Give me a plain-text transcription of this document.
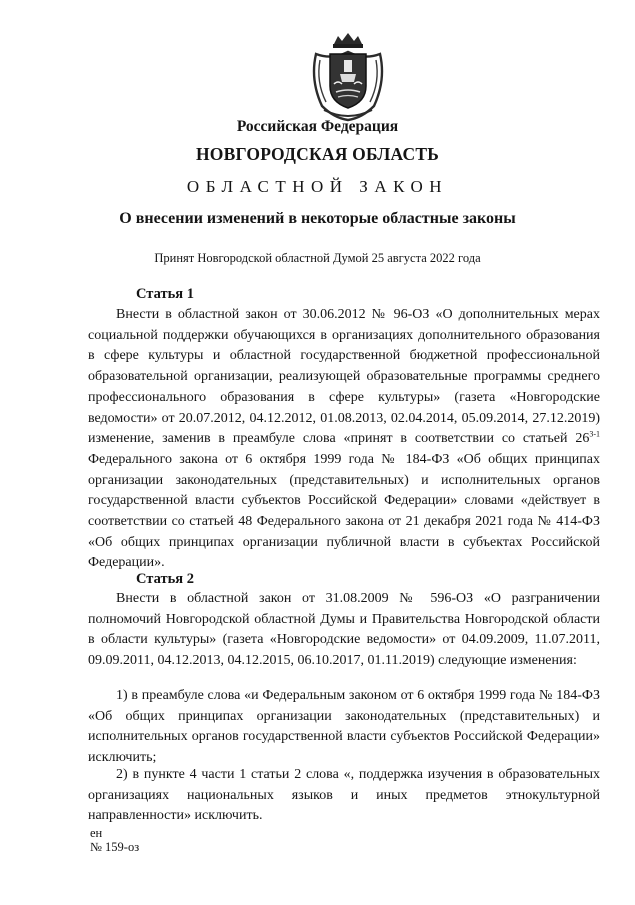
Российская Федерация
НОВГОРОДСКАЯ ОБЛАСТЬ
ОБЛАСТНОЙ ЗАКОН
О внесении изменений в некоторые областные законы
Принят Новгородской областной Думой 25 августа 2022 года
Статья 1
Внести в областной закон от 30.06.2012 № 96-ОЗ «О дополнительных мерах социальной поддержки обучающихся в организациях дополнительного образования в сфере культуры и областной государственной бюджетной профессиональной образовательной организации, реализующей образовательные программы среднего профессионального образования в сфере культуры» (газета «Новгородские ведомости» от 20.07.2012, 04.12.2012, 01.08.2013, 02.04.2014, 05.09.2014, 27.12.2019) изменение, заменив в преамбуле слова «принят в соответствии со статьей 26$^{3-1}$ Федерального закона от 6 октября 1999 года № 184-ФЗ «Об общих принципах организации законодательных (представительных) и исполнительных органов государственной власти субъектов Российской Федерации» словами «действует в соответствии со статьей 48 Федерального закона от 21 декабря 2021 года № 414-ФЗ «Об общих принципах организации публичной власти в субъектах Российской Федерации».
Статья 2
Внести в областной закон от 31.08.2009 № 596-ОЗ «О разграничении полномочий Новгородской областной Думы и Правительства Новгородской области в области культуры» (газета «Новгородские ведомости» от 04.09.2009, 11.07.2011, 09.09.2011, 04.12.2013, 04.12.2015, 06.10.2017, 01.11.2019) следующие изменения:
1) в преамбуле слова «и Федеральным законом от 6 октября 1999 года № 184-ФЗ «Об общих принципах организации законодательных (представительных) и исполнительных органов государственной власти субъектов Российской Федерации» исключить;
2) в пункте 4 части 1 статьи 2 слова «, поддержка изучения в образовательных организациях национальных языков и иных предметов этнокультурной направленности» исключить.
ен
№ 159-оз
